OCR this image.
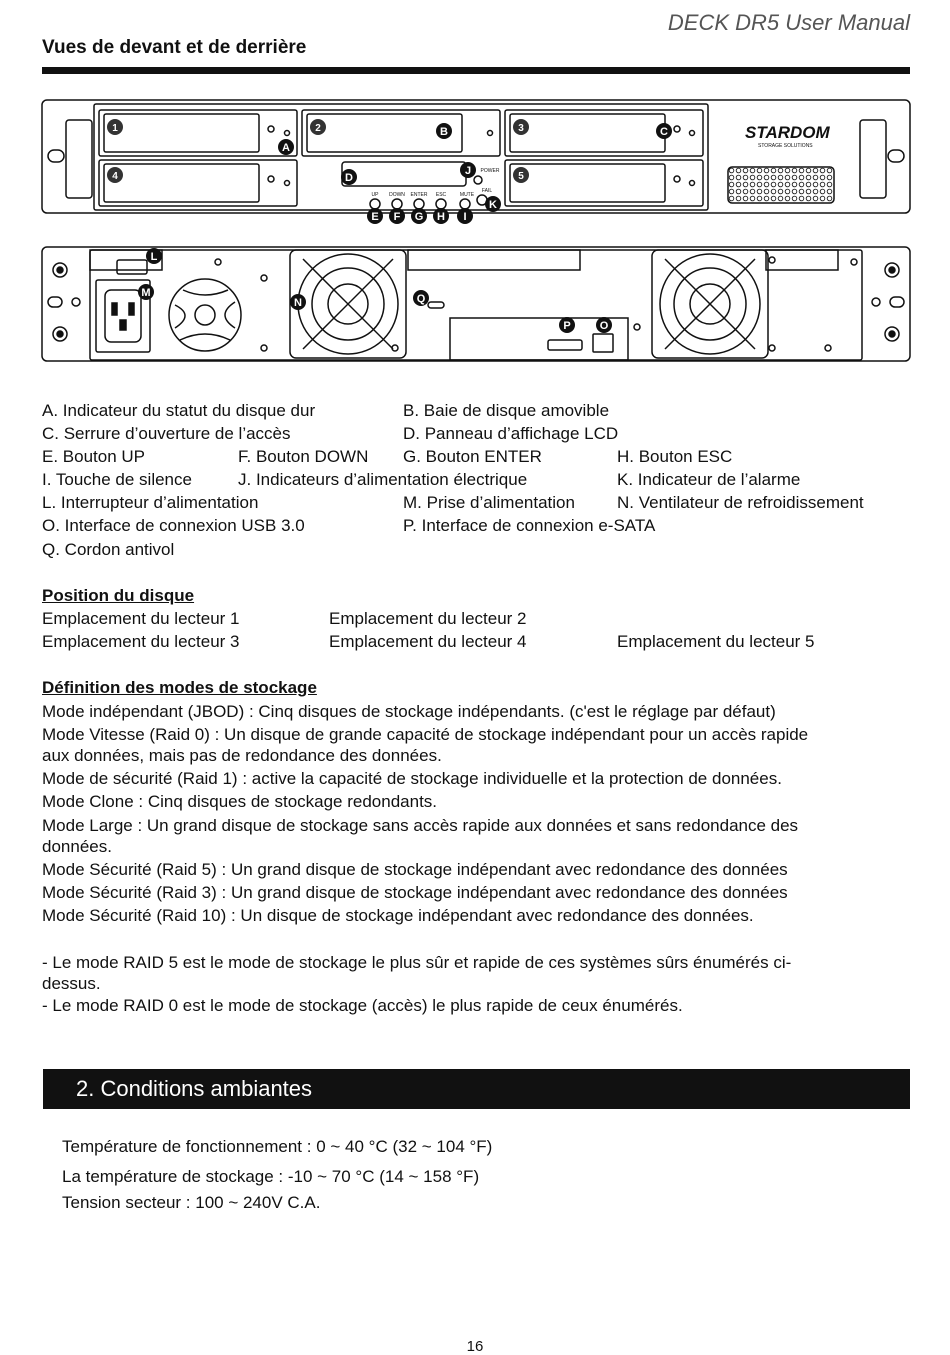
DECK DR5 User Manual
Vues de devant et de derrière
STARDOM
STORAGE SOLUTIONS
UP DOWN ENTER ESC	MUTE
FAIL
POWER
1	2	3
4	5
A
B	C
D
E F G H I
J
K
L
M
N
O
P
Q
A. Indicateur du statut du disque dur	B. Baie de disque amovible
C. Serrure d’ouverture de l’accès	D. Panneau d’affichage LCD
E. Bouton UP	F. Bouton DOWN G. Bouton ENTER	H. Bouton ESC
I. Touche de silence	J. Indicateurs d’alimentation électrique	K. Indicateur de l’alarme
L. Interrupteur d’alimentation	M. Prise d’alimentation N. Ventilateur de refroidissement
O. Interface de connexion USB 3.0	P. Interface de connexion e-SATA
Q. Cordon antivol
Position du disque
Emplacement du lecteur 1	Emplacement du lecteur 2
Emplacement du lecteur 3	Emplacement du lecteur 4	Emplacement du lecteur 5
Définition des modes de stockage
Mode indépendant (JBOD) : Cinq disques de stockage indépendants. (c'est le réglage par défaut)
Mode Vitesse (Raid 0) : Un disque de grande capacité de stockage indépendant pour un accès rapide
aux données, mais pas de redondance des données.
Mode de sécurité (Raid 1) : active la capacité de stockage individuelle et la protection de données.
Mode Clone : Cinq disques de stockage redondants.
Mode Large : Un grand disque de stockage sans accès rapide aux données et sans redondance des
données.
Mode Sécurité (Raid 5) : Un grand disque de stockage indépendant avec redondance des données
Mode Sécurité (Raid 3) : Un grand disque de stockage indépendant avec redondance des données
Mode Sécurité (Raid 10) : Un disque de stockage indépendant avec redondance des données.
- Le mode RAID 5 est le mode de stockage le plus sûr et rapide de ces systèmes sûrs énumérés ci-
dessus.
- Le mode RAID 0 est le mode de stockage (accès) le plus rapide de ceux énumérés.
2. Conditions ambiantes
Température de fonctionnement : 0 ~ 40 °C (32 ~ 104 °F)
La température de stockage : -10 ~ 70 °C (14 ~ 158 °F)
Tension secteur : 100 ~ 240V C.A.
16
